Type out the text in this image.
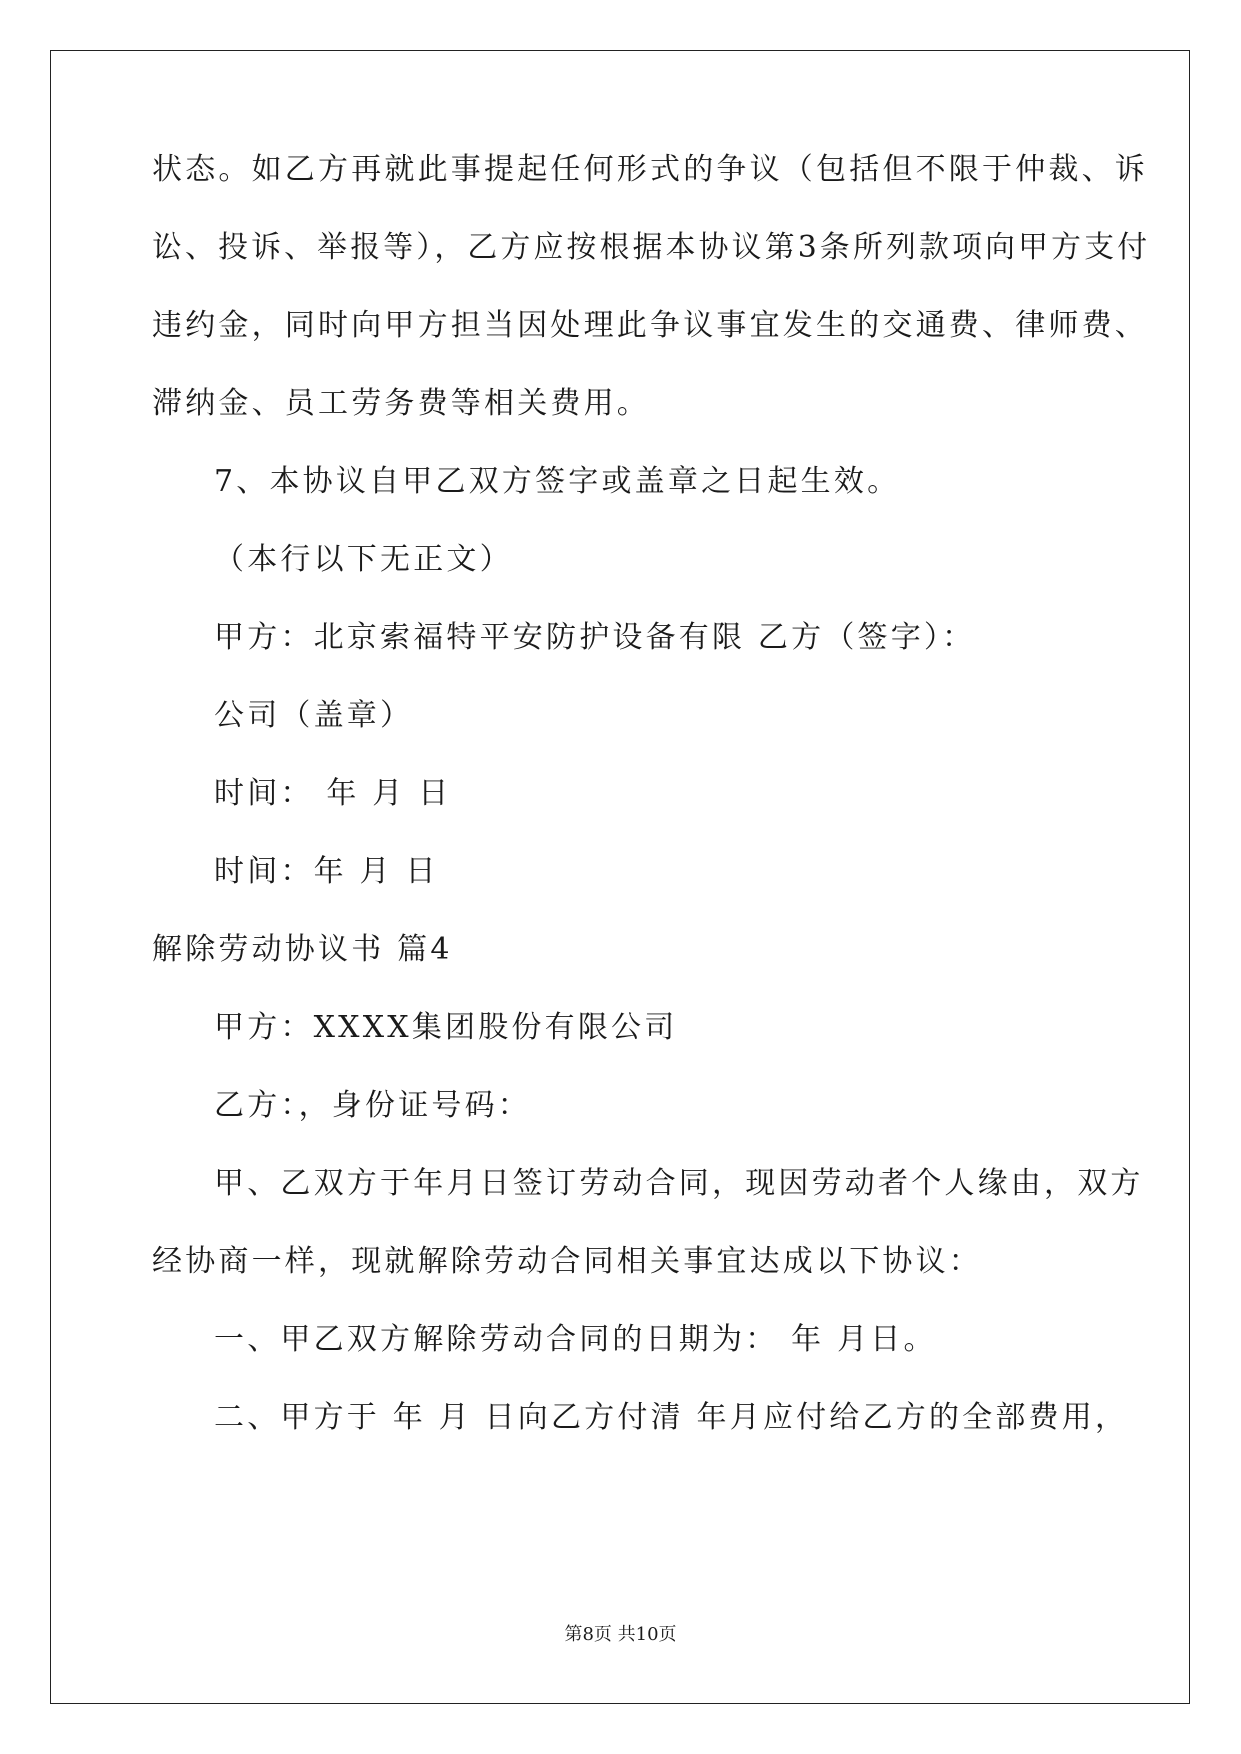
状态。如乙方再就此事提起任何形式的争议（包括但不限于仲裁、诉
讼、投诉、举报等），乙方应按根据本协议第3条所列款项向甲方支付
违约金，同时向甲方担当因处理此争议事宜发生的交通费、律师费、
滞纳金、员工劳务费等相关费用。
7、本协议自甲乙双方签字或盖章之日起生效。
（本行以下无正文）
甲方：北京索福特平安防护设备有限 乙方（签字）：
公司（盖章）
时间： 年 月 日
时间：年 月 日
解除劳动协议书 篇4
甲方：XXXX集团股份有限公司
乙方：，身份证号码：
甲、乙双方于年月日签订劳动合同，现因劳动者个人缘由，双方
经协商一样，现就解除劳动合同相关事宜达成以下协议：
一、甲乙双方解除劳动合同的日期为： 年 月日。
二、甲方于 年 月 日向乙方付清 年月应付给乙方的全部费用，
第8页 共10页
